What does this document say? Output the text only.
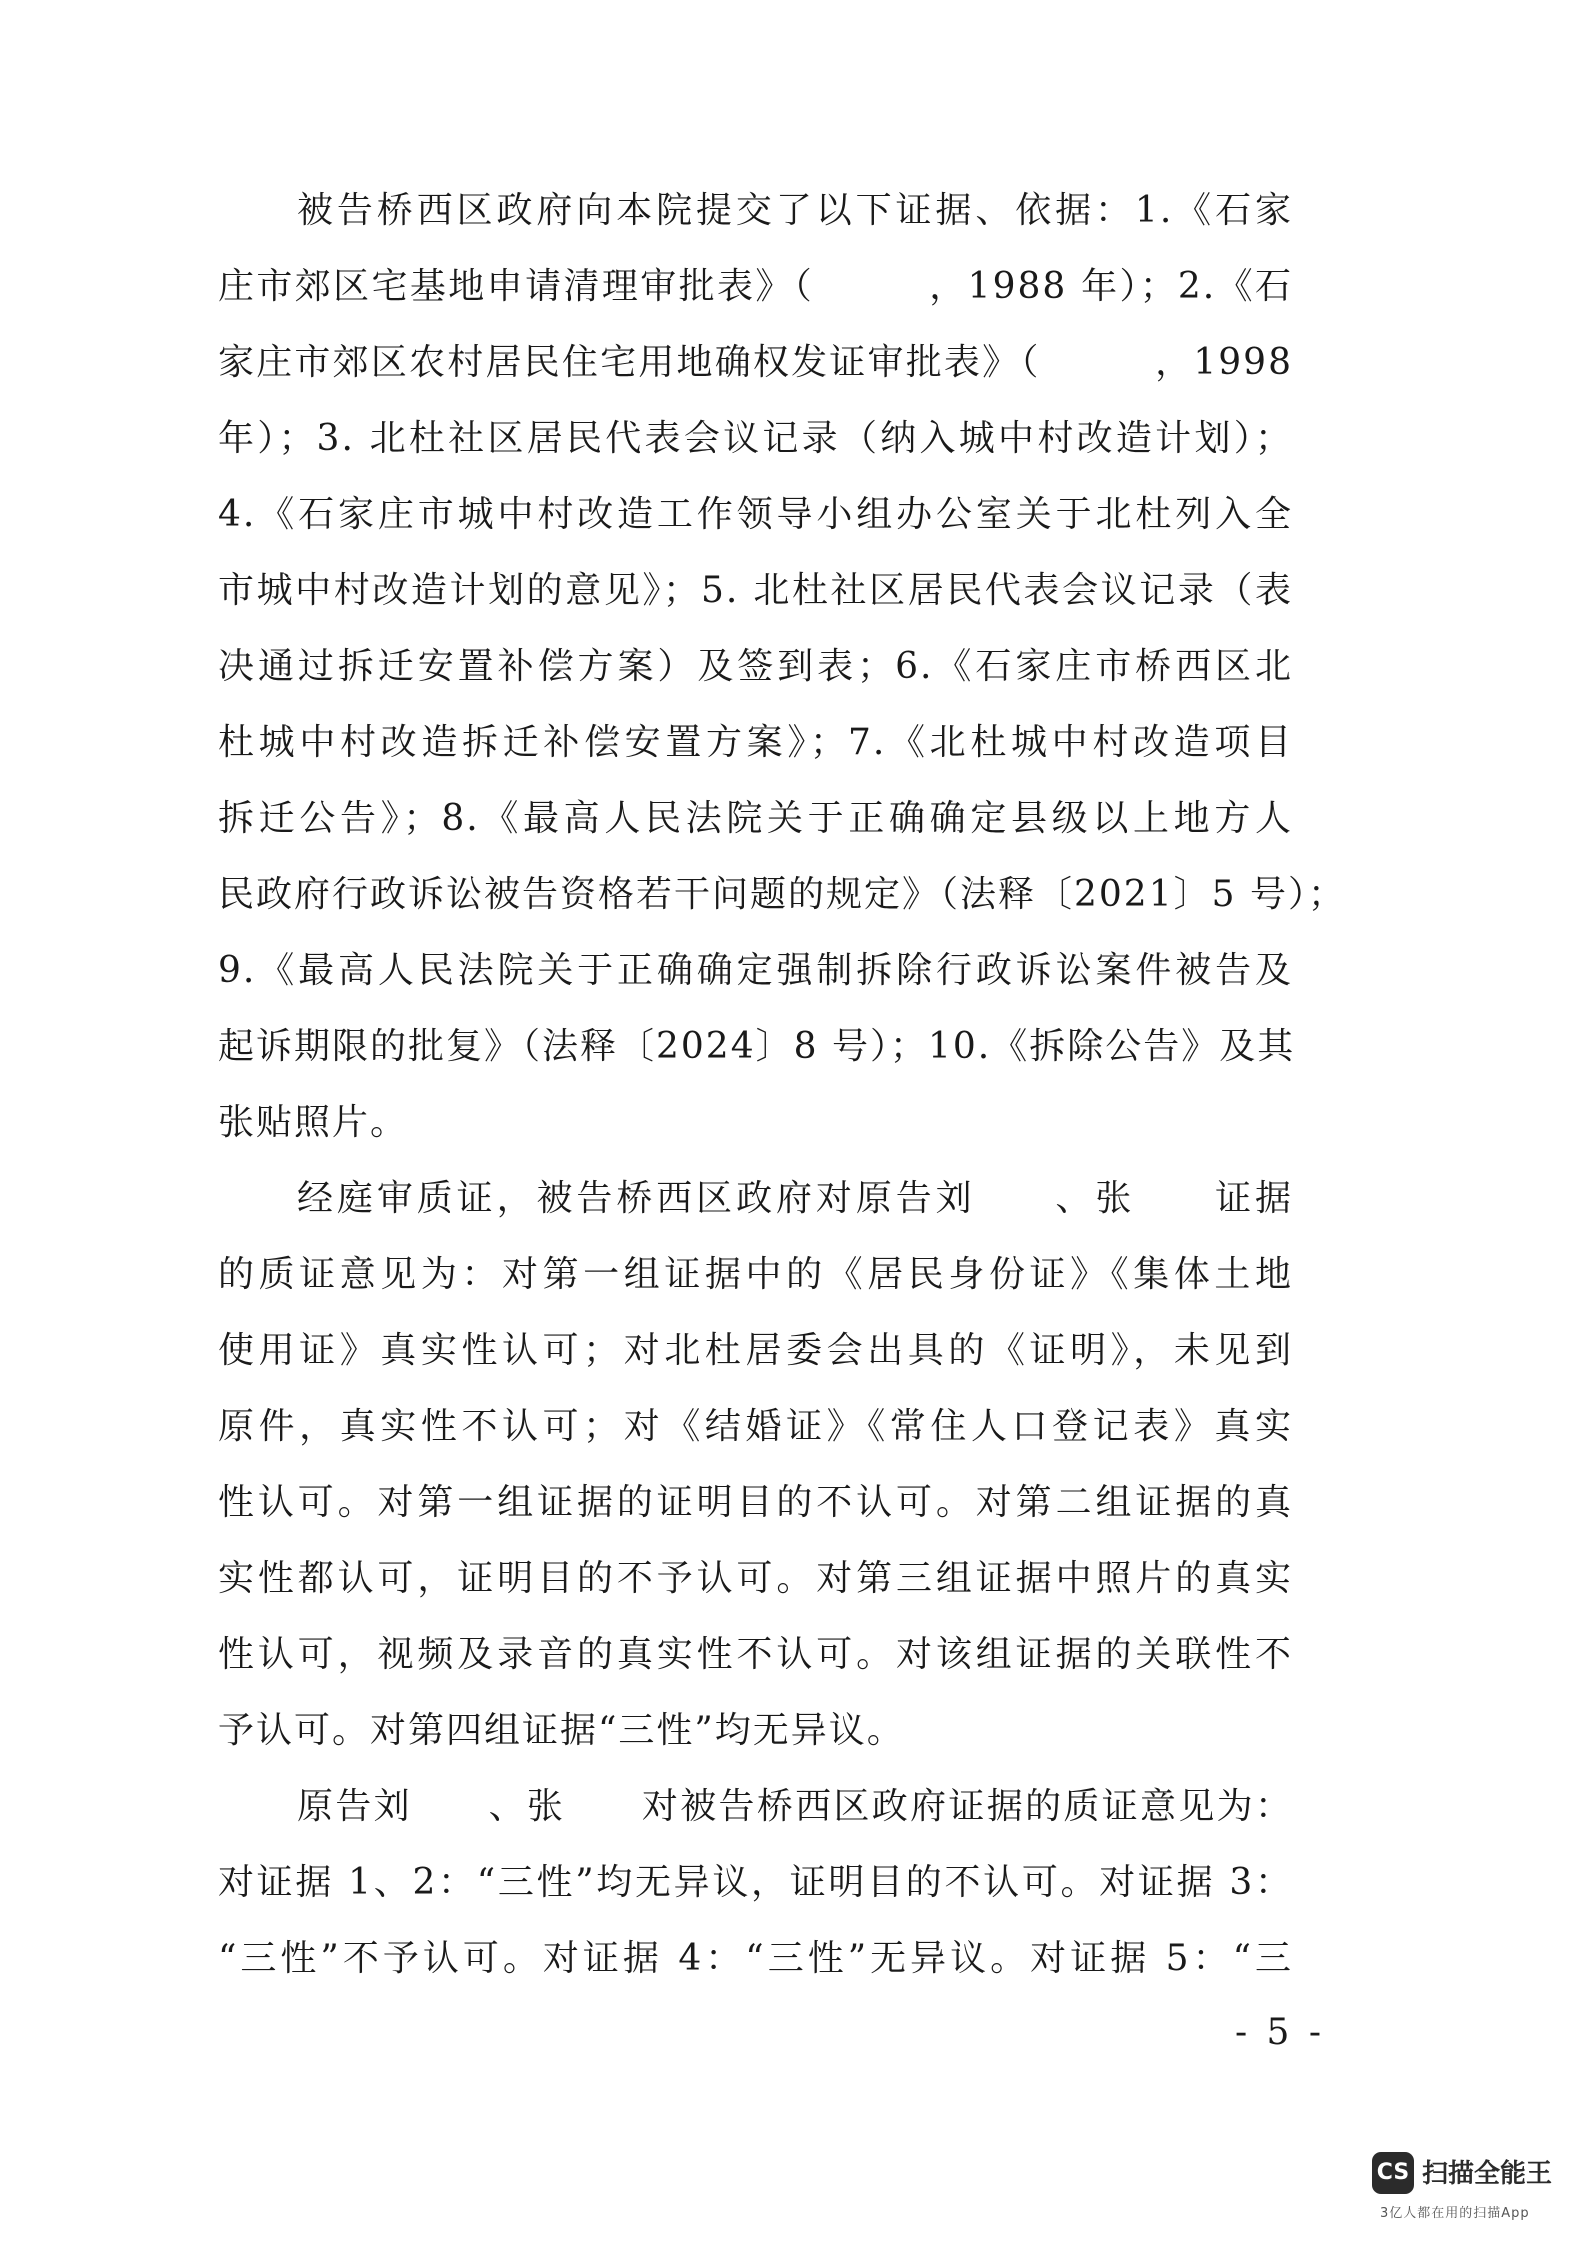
被告桥西区政府向本院提交了以下证据、依据：1.《石家
庄市郊区宅基地申请清理审批表》（　　　，1988 年）；2.《石
家庄市郊区农村居民住宅用地确权发证审批表》（　　　，1998
年）；3. 北杜社区居民代表会议记录（纳入城中村改造计划）；
4.《石家庄市城中村改造工作领导小组办公室关于北杜列入全
市城中村改造计划的意见》；5. 北杜社区居民代表会议记录（表
决通过拆迁安置补偿方案）及签到表；6.《石家庄市桥西区北
杜城中村改造拆迁补偿安置方案》；7.《北杜城中村改造项目
拆迁公告》；8.《最高人民法院关于正确确定县级以上地方人
民政府行政诉讼被告资格若干问题的规定》（法释〔2021〕5 号）；
9.《最高人民法院关于正确确定强制拆除行政诉讼案件被告及
起诉期限的批复》（法释〔2024〕8 号）；10.《拆除公告》及其
张贴照片。
经庭审质证，被告桥西区政府对原告刘　　、张　　证据
的质证意见为：对第一组证据中的《居民身份证》《集体土地
使用证》真实性认可；对北杜居委会出具的《证明》，未见到
原件，真实性不认可；对《结婚证》《常住人口登记表》真实
性认可。对第一组证据的证明目的不认可。对第二组证据的真
实性都认可，证明目的不予认可。对第三组证据中照片的真实
性认可，视频及录音的真实性不认可。对该组证据的关联性不
予认可。对第四组证据“三性”均无异议。
原告刘　　、张　　对被告桥西区政府证据的质证意见为：
对证据 1、2：“三性”均无异议，证明目的不认可。对证据 3：
“三性”不予认可。对证据 4：“三性”无异议。对证据 5：“三
- 5 -
CS 扫描全能王
3亿人都在用的扫描App
